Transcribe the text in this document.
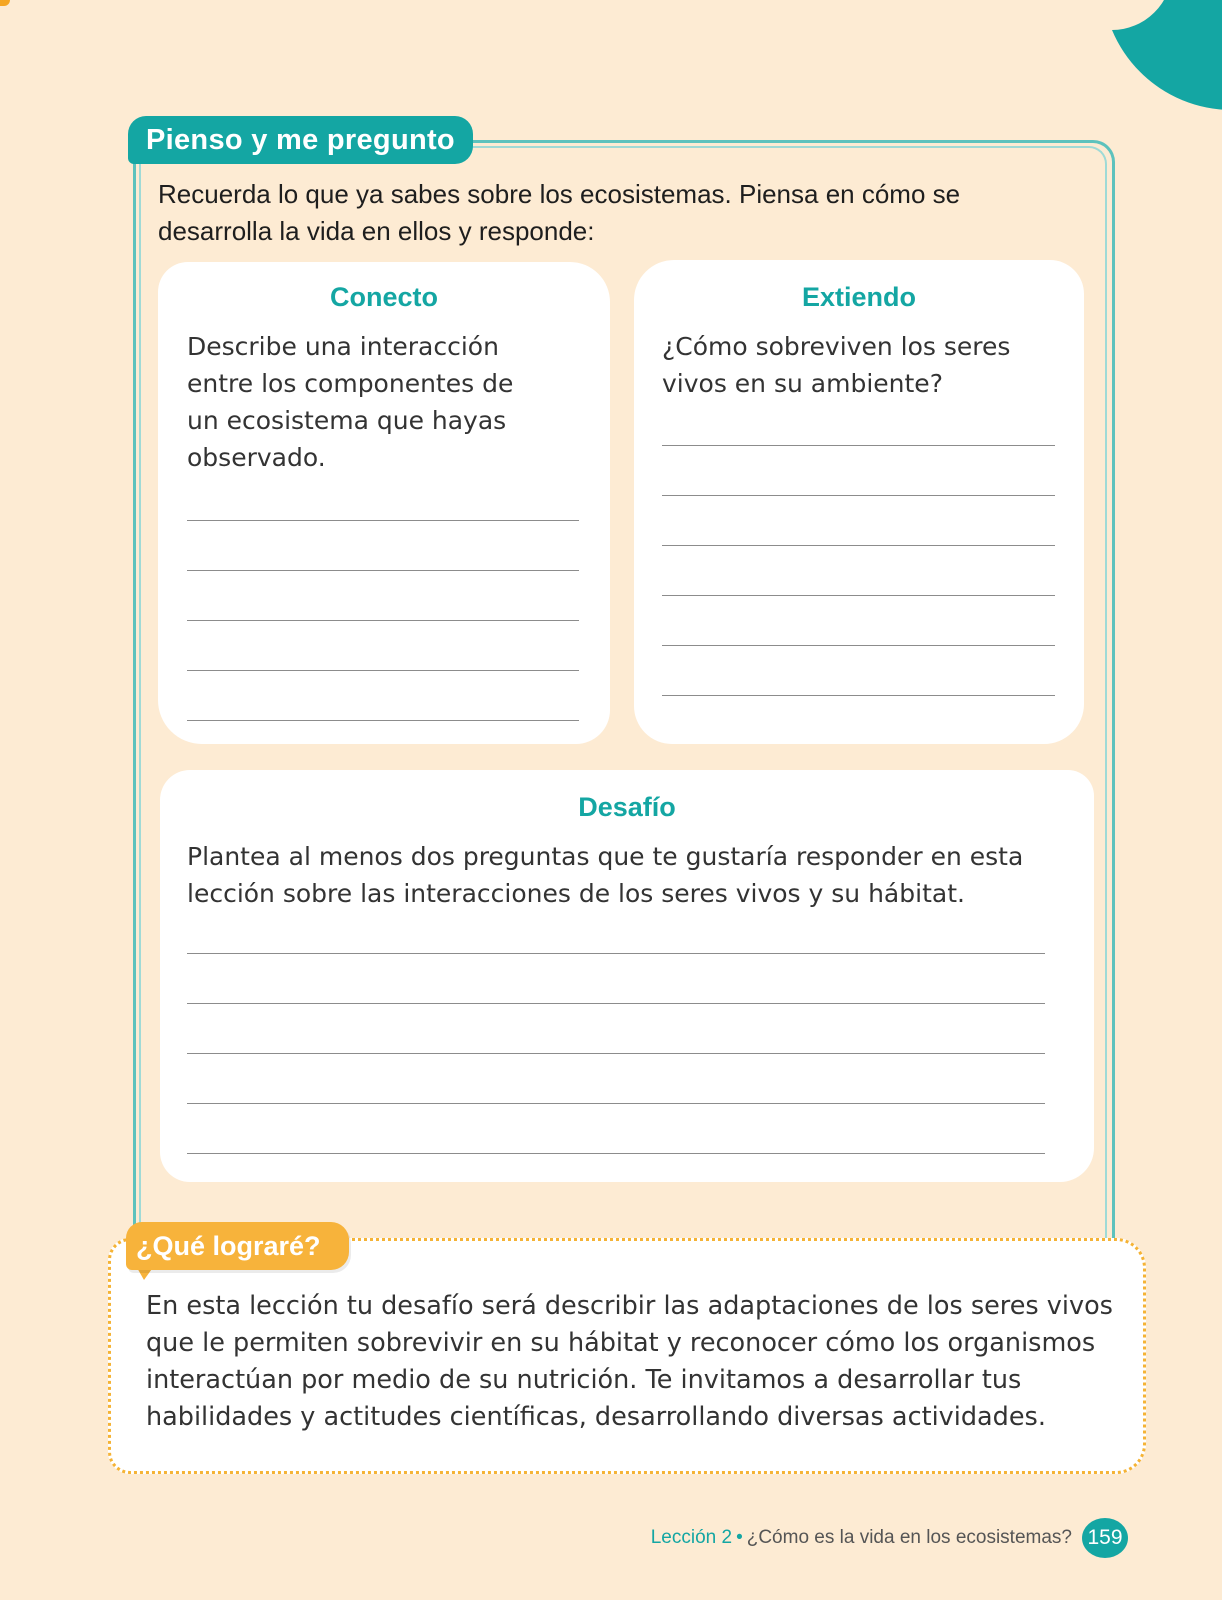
Pienso y me pregunto
Recuerda lo que ya sabes sobre los ecosistemas. Piensa en cómo se desarrolla la vida en ellos y responde:
Conecto
Describe una interacción entre los componentes de un ecosistema que hayas observado.
Extiendo
¿Cómo sobreviven los seres vivos en su ambiente?
Desafío
Plantea al menos dos preguntas que te gustaría responder en esta lección sobre las interacciones de los seres vivos y su hábitat.
¿Qué lograré?
En esta lección tu desafío será describir las adaptaciones de los seres vivos que le permiten sobrevivir en su hábitat y reconocer cómo los organismos interactúan por medio de su nutrición. Te invitamos a desarrollar tus habilidades y actitudes científicas, desarrollando diversas actividades.
Lección 2 • ¿Cómo es la vida en los ecosistemas? 159
